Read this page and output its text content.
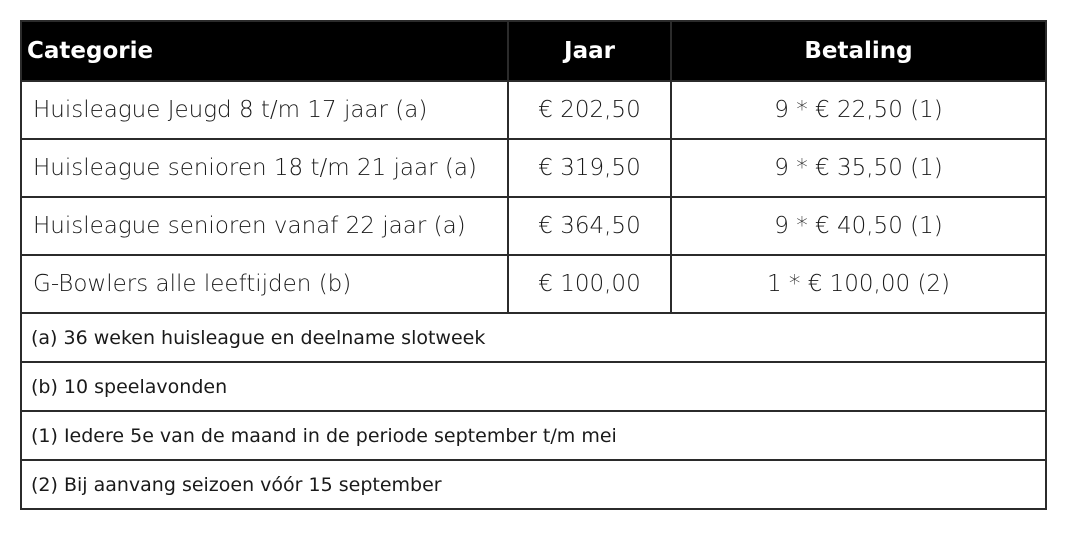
Categorie	Jaar	Betaling
Huisleague Jeugd 8 t/m 17 jaar (a)	€ 202,50	9 * € 22,50 (1)
Huisleague senioren 18 t/m 21 jaar (a)	€ 319,50	9 * € 35,50 (1)
Huisleague senioren vanaf 22 jaar (a)	€ 364,50	9 * € 40,50 (1)
G-Bowlers alle leeftijden (b)	€ 100,00	1 * € 100,00 (2)
(a) 36 weken huisleague en deelname slotweek		
(b) 10 speelavonden		
(1) Iedere 5e van de maand in de periode september t/m mei		
(2) Bij aanvang seizoen vóór 15 september		
